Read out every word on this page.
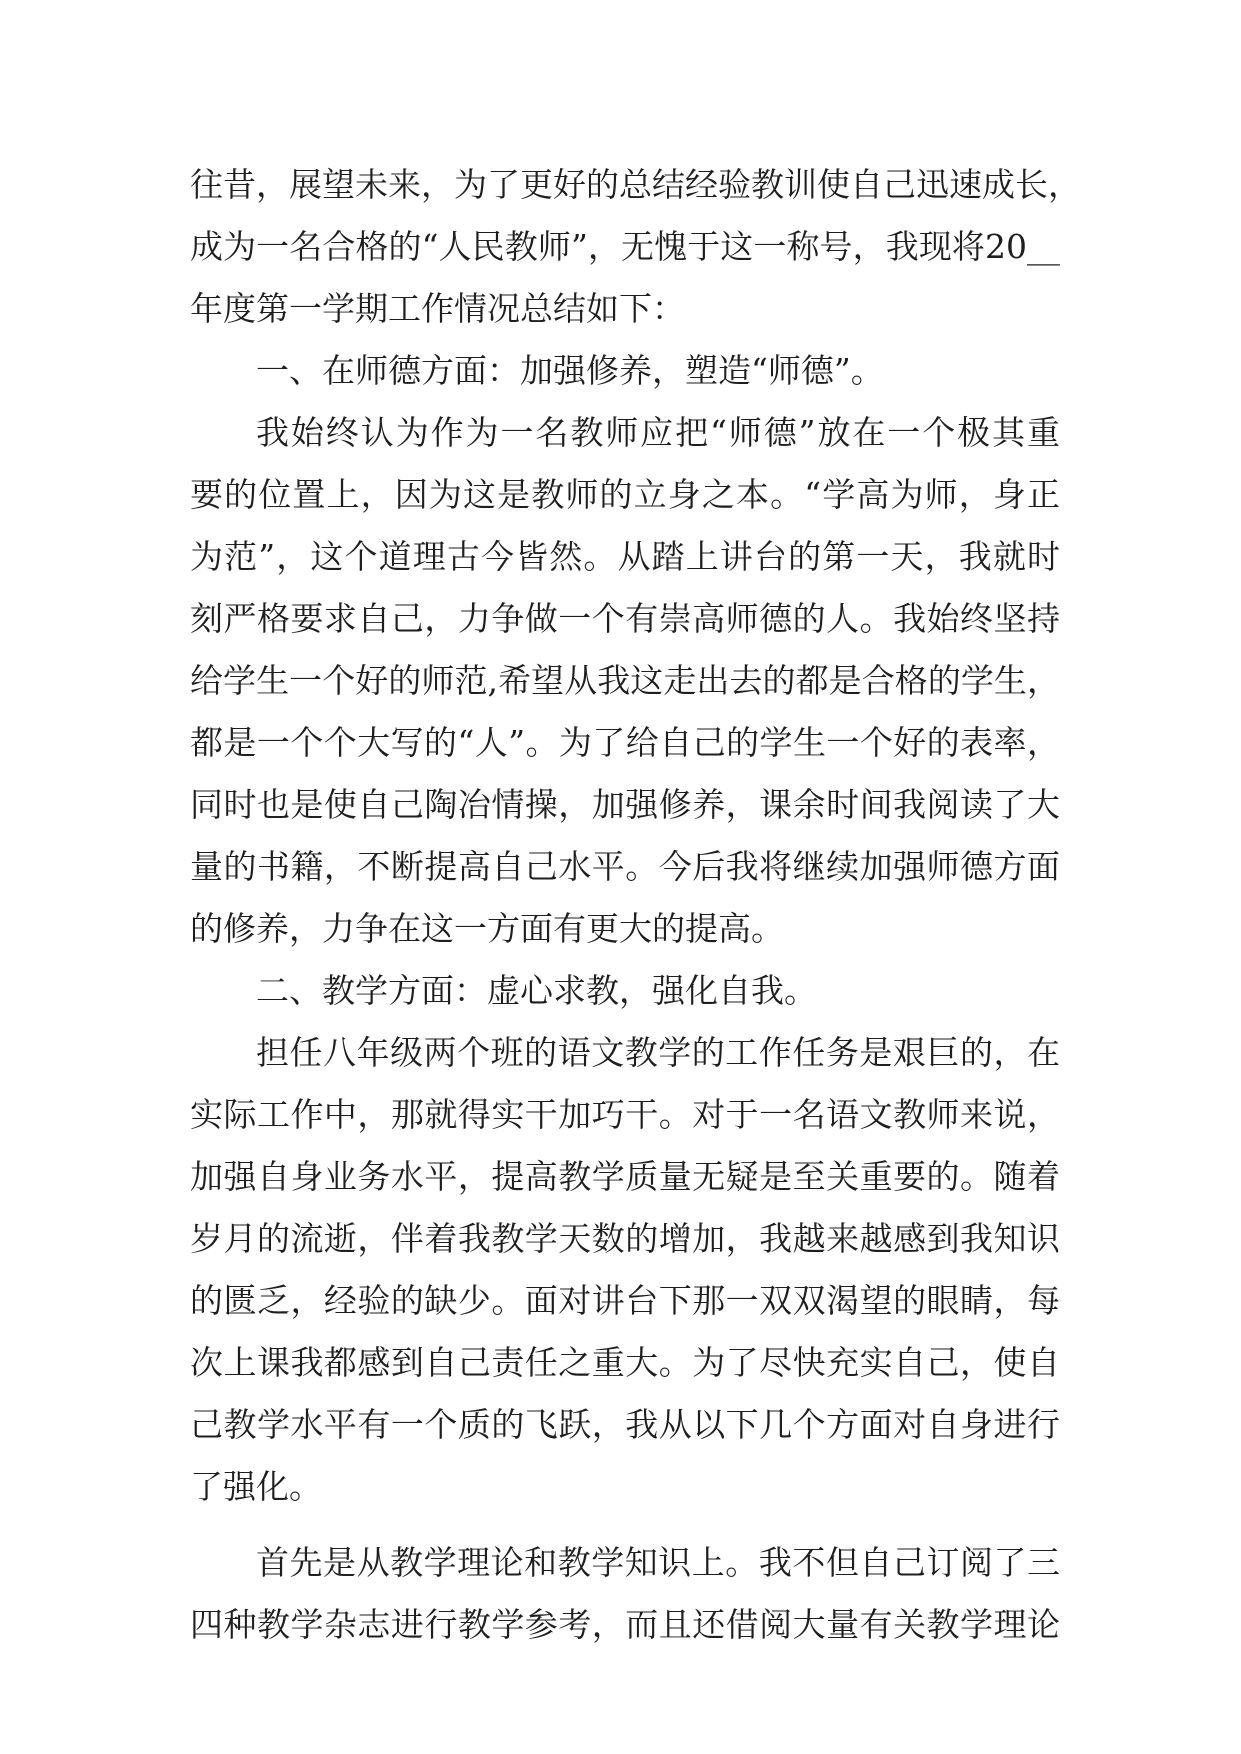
往昔，展望未来，为了更好的总结经验教训使自己迅速成长，
成为一名合格的“人民教师”，无愧于这一称号，我现将20__
年度第一学期工作情况总结如下：
一、在师德方面：加强修养，塑造“师德”。
我始终认为作为一名教师应把“师德”放在一个极其重
要的位置上，因为这是教师的立身之本。“学高为师，身正
为范”，这个道理古今皆然。从踏上讲台的第一天，我就时
刻严格要求自己，力争做一个有崇高师德的人。我始终坚持
给学生一个好的师范,希望从我这走出去的都是合格的学生，
都是一个个大写的“人”。为了给自己的学生一个好的表率，
同时也是使自己陶冶情操，加强修养，课余时间我阅读了大
量的书籍，不断提高自己水平。今后我将继续加强师德方面
的修养，力争在这一方面有更大的提高。
二、教学方面：虚心求教，强化自我。
担任八年级两个班的语文教学的工作任务是艰巨的，在
实际工作中，那就得实干加巧干。对于一名语文教师来说，
加强自身业务水平，提高教学质量无疑是至关重要的。随着
岁月的流逝，伴着我教学天数的增加，我越来越感到我知识
的匮乏，经验的缺少。面对讲台下那一双双渴望的眼睛，每
次上课我都感到自己责任之重大。为了尽快充实自己，使自
己教学水平有一个质的飞跃，我从以下几个方面对自身进行
了强化。
首先是从教学理论和教学知识上。我不但自己订阅了三
四种教学杂志进行教学参考，而且还借阅大量有关教学理论
